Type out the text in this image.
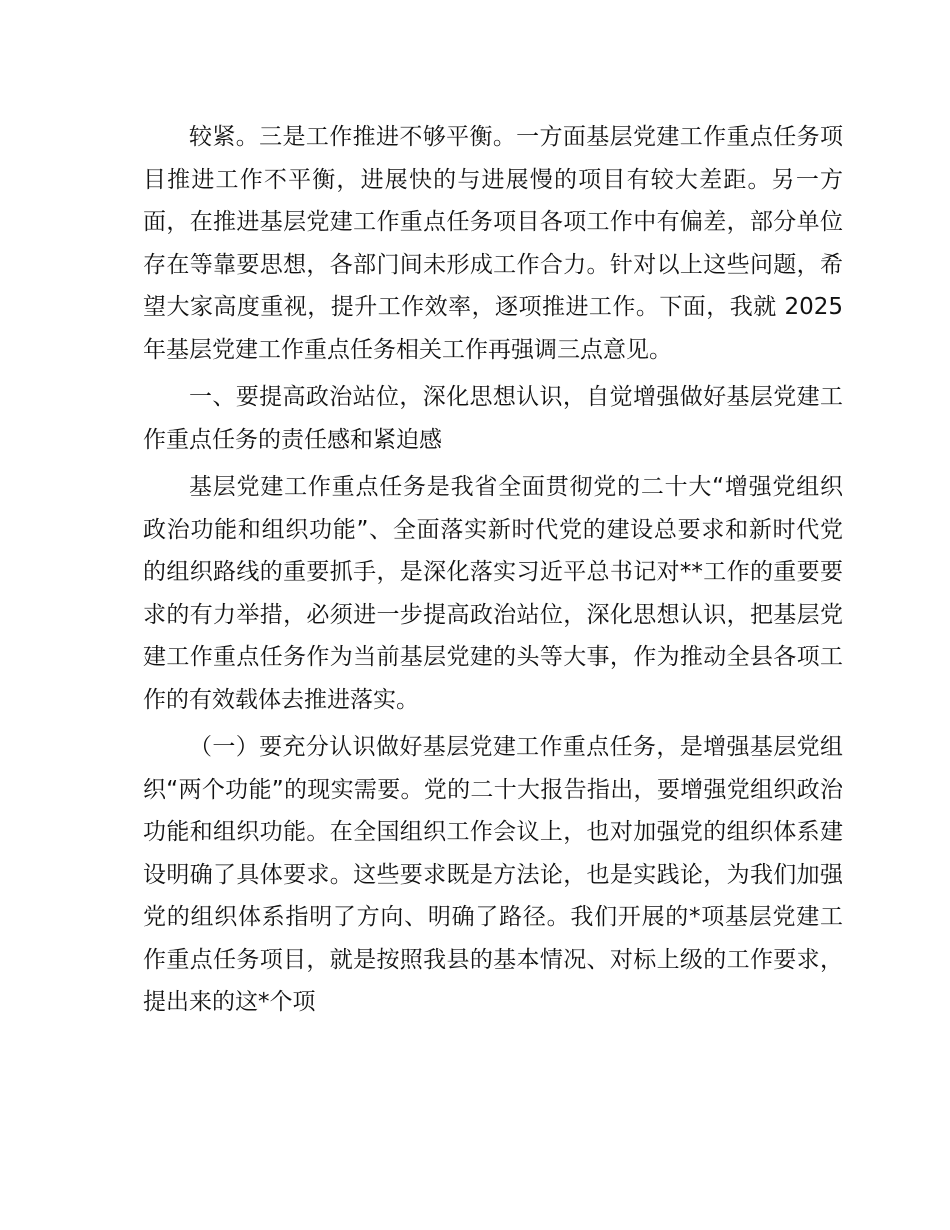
较紧。三是工作推进不够平衡。一方面基层党建工作重点任务项目推进工作不平衡，进展快的与进展慢的项目有较大差距。另一方面，在推进基层党建工作重点任务项目各项工作中有偏差，部分单位存在等靠要思想，各部门间未形成工作合力。针对以上这些问题，希望大家高度重视，提升工作效率，逐项推进工作。下面，我就 2025 年基层党建工作重点任务相关工作再强调三点意见。

一、要提高政治站位，深化思想认识，自觉增强做好基层党建工作重点任务的责任感和紧迫感

基层党建工作重点任务是我省全面贯彻党的二十大“增强党组织政治功能和组织功能”、全面落实新时代党的建设总要求和新时代党的组织路线的重要抓手，是深化落实习近平总书记对**工作的重要要求的有力举措，必须进一步提高政治站位，深化思想认识，把基层党建工作重点任务作为当前基层党建的头等大事，作为推动全县各项工作的有效载体去推进落实。

（一）要充分认识做好基层党建工作重点任务，是增强基层党组织“两个功能”的现实需要。党的二十大报告指出，要增强党组织政治功能和组织功能。在全国组织工作会议上，也对加强党的组织体系建设明确了具体要求。这些要求既是方法论，也是实践论，为我们加强党的组织体系指明了方向、明确了路径。我们开展的*项基层党建工作重点任务项目，就是按照我县的基本情况、对标上级的工作要求，提出来的这*个项
